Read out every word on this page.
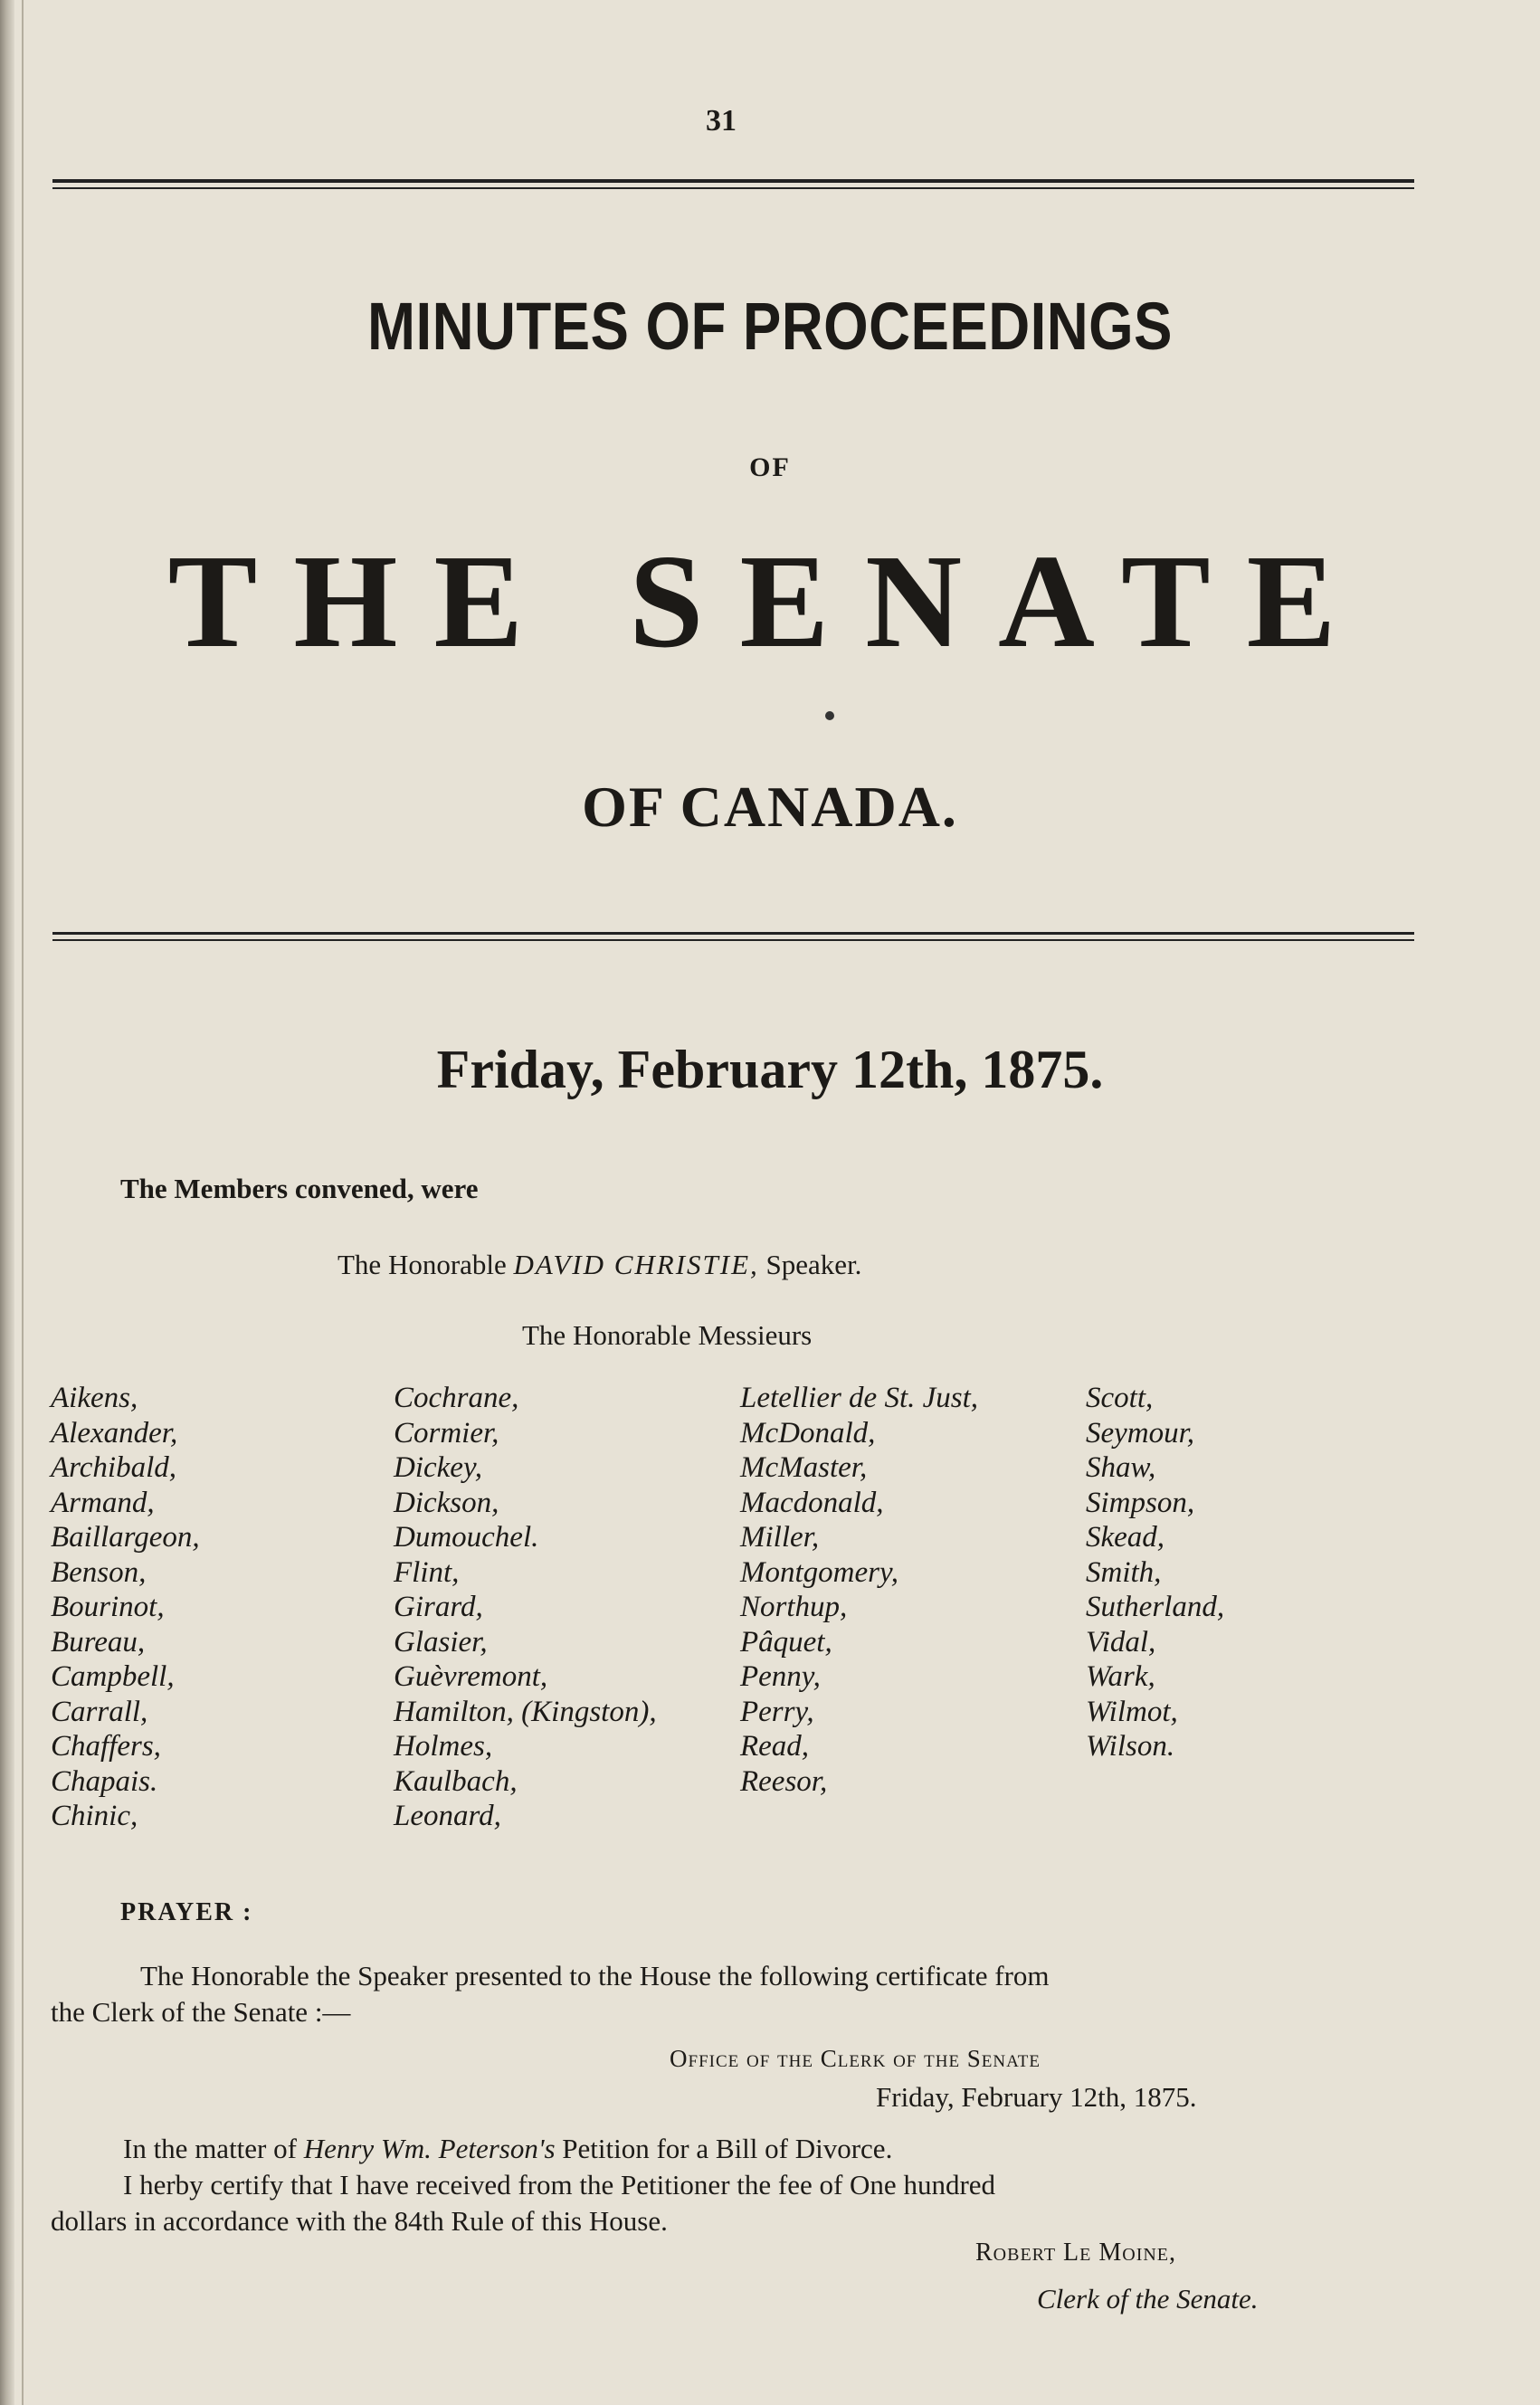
31
MINUTES OF PROCEEDINGS
OF
THE SENATE
OF CANADA.
Friday, February 12th, 1875.
The Members convened, were
The Honorable DAVID CHRISTIE, Speaker.
The Honorable Messieurs
Aikens,
Alexander,
Archibald,
Armand,
Baillargeon,
Benson,
Bourinot,
Bureau,
Campbell,
Carrall,
Chaffers,
Chapais.
Chinic,
Cochrane,
Cormier,
Dickey,
Dickson,
Dumouchel.
Flint,
Girard,
Glasier,
Guèvremont,
Hamilton, (Kingston),
Holmes,
Kaulbach,
Leonard,
Letellier de St. Just,
McDonald,
McMaster,
Macdonald,
Miller,
Montgomery,
Northup,
Pâquet,
Penny,
Perry,
Read,
Reesor,
Scott,
Seymour,
Shaw,
Simpson,
Skead,
Smith,
Sutherland,
Vidal,
Wark,
Wilmot,
Wilson.
PRAYER :
The Honorable the Speaker presented to the House the following certificate from
the Clerk of the Senate :—
Office of the Clerk of the Senate
Friday, February 12th, 1875.
In the matter of Henry Wm. Peterson's Petition for a Bill of Divorce.
I herby certify that I have received from the Petitioner the fee of One hundred
dollars in accordance with the 84th Rule of this House.
Robert Le Moine,
Clerk of the Senate.
